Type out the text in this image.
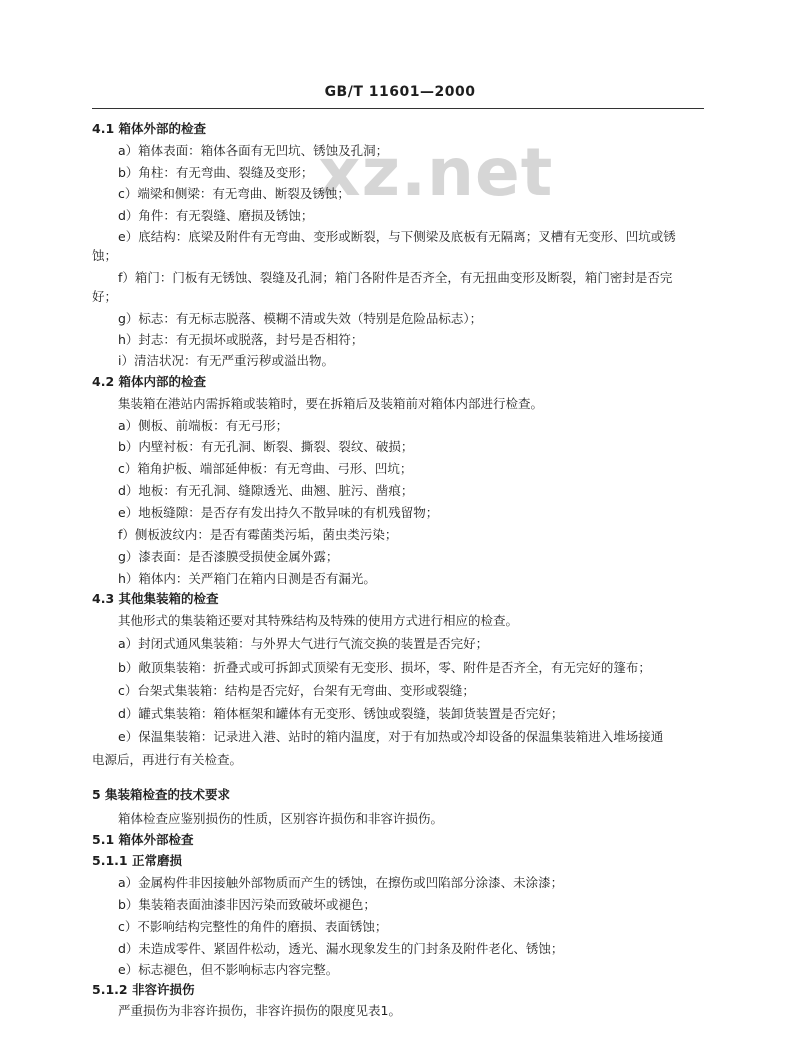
GB/T 11601—2000
xz.net
4.1 箱体外部的检查
a）箱体表面：箱体各面有无凹坑、锈蚀及孔洞；
b）角柱：有无弯曲、裂缝及变形；
c）端梁和侧梁：有无弯曲、断裂及锈蚀；
d）角件：有无裂缝、磨损及锈蚀；
e）底结构：底梁及附件有无弯曲、变形或断裂，与下侧梁及底板有无隔离；叉槽有无变形、凹坑或锈
蚀；
f）箱门：门板有无锈蚀、裂缝及孔洞；箱门各附件是否齐全，有无扭曲变形及断裂，箱门密封是否完
好；
g）标志：有无标志脱落、模糊不清或失效（特别是危险品标志）；
h）封志：有无损坏或脱落，封号是否相符；
i）清洁状况：有无严重污秽或溢出物。
4.2 箱体内部的检查
集装箱在港站内需拆箱或装箱时，要在拆箱后及装箱前对箱体内部进行检查。
a）侧板、前端板：有无弓形；
b）内壁衬板：有无孔洞、断裂、撕裂、裂纹、破损；
c）箱角护板、端部延伸板：有无弯曲、弓形、凹坑；
d）地板：有无孔洞、缝隙透光、曲翘、脏污、凿痕；
e）地板缝隙：是否存有发出持久不散异味的有机残留物；
f）侧板波纹内：是否有霉菌类污垢，菌虫类污染；
g）漆表面：是否漆膜受损使金属外露；
h）箱体内：关严箱门在箱内日测是否有漏光。
4.3 其他集装箱的检查
其他形式的集装箱还要对其特殊结构及特殊的使用方式进行相应的检查。
a）封闭式通风集装箱：与外界大气进行气流交换的装置是否完好；
b）敞顶集装箱：折叠式或可拆卸式顶梁有无变形、损坏，零、附件是否齐全，有无完好的篷布；
c）台架式集装箱：结构是否完好，台架有无弯曲、变形或裂缝；
d）罐式集装箱：箱体框架和罐体有无变形、锈蚀或裂缝，装卸货装置是否完好；
e）保温集装箱：记录进入港、站时的箱内温度，对于有加热或冷却设备的保温集装箱进入堆场接通
电源后，再进行有关检查。
5 集装箱检查的技术要求
箱体检查应鉴别损伤的性质，区别容许损伤和非容许损伤。
5.1 箱体外部检查
5.1.1 正常磨损
a）金属构件非因接触外部物质而产生的锈蚀，在擦伤或凹陷部分涂漆、未涂漆；
b）集装箱表面油漆非因污染而致破坏或褪色；
c）不影响结构完整性的角件的磨损、表面锈蚀；
d）未造成零件、紧固件松动，透光、漏水现象发生的门封条及附件老化、锈蚀；
e）标志褪色，但不影响标志内容完整。
5.1.2 非容许损伤
严重损伤为非容许损伤，非容许损伤的限度见表1。
